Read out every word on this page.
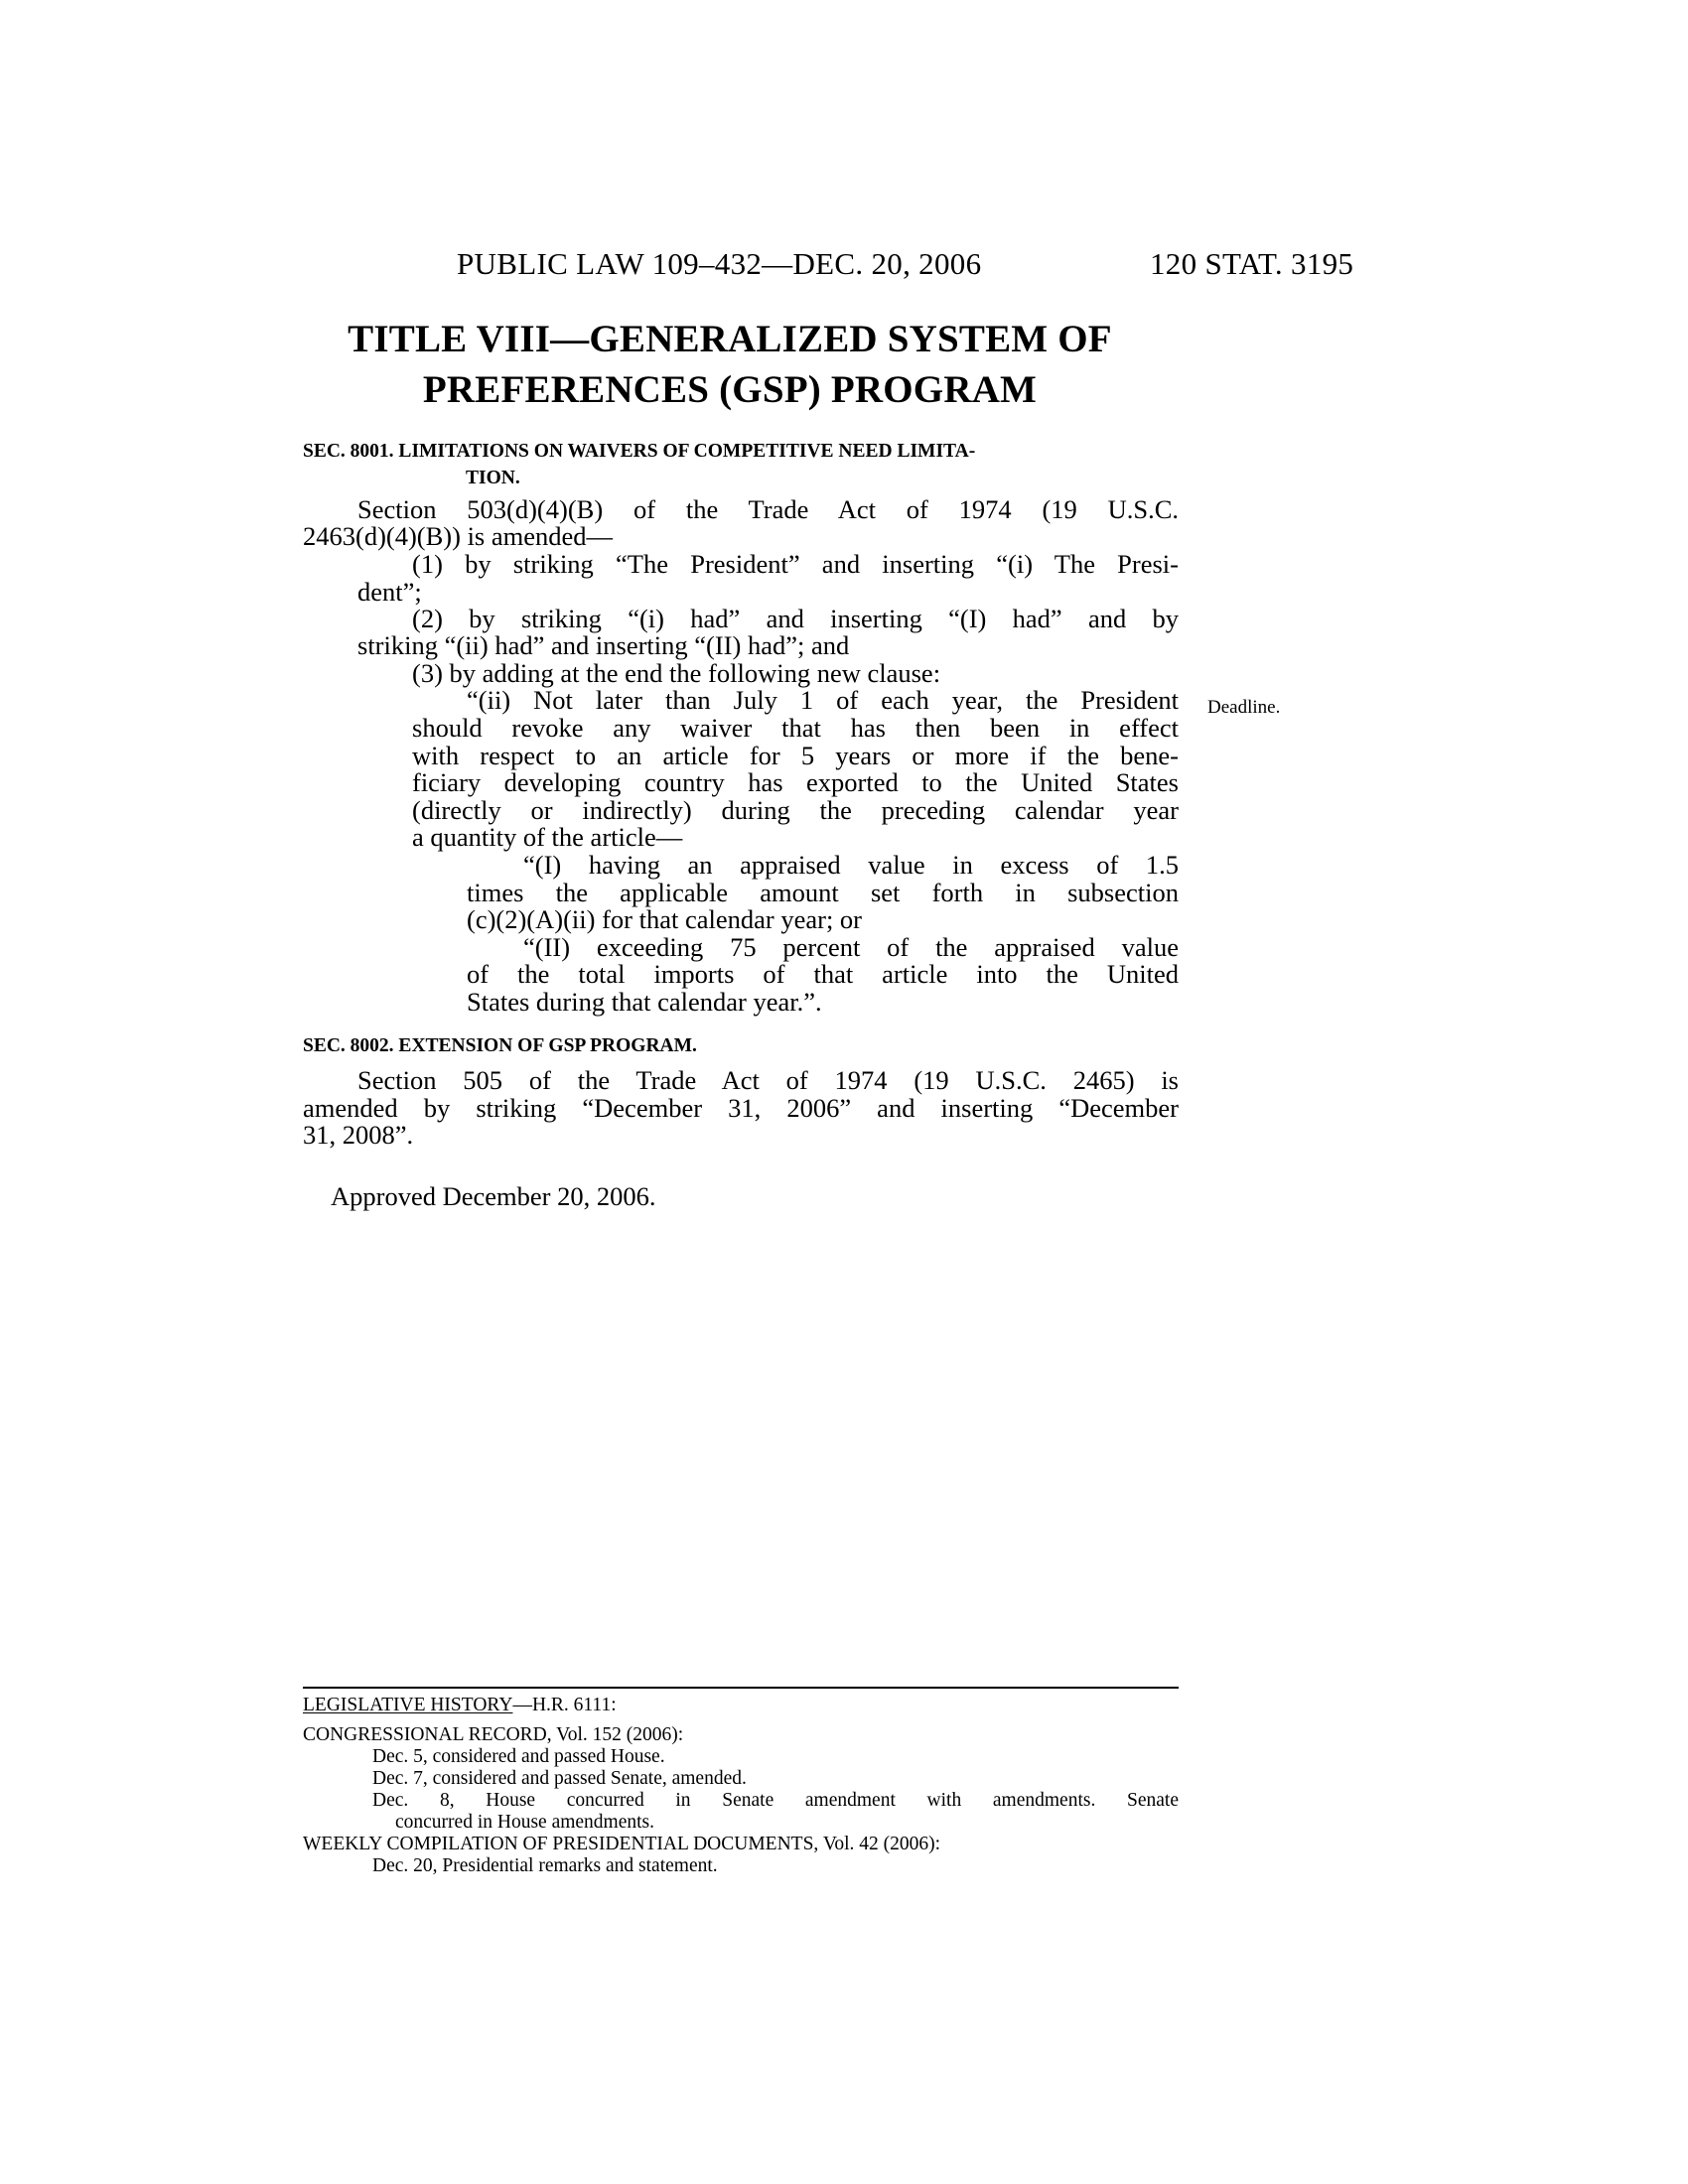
PUBLIC LAW 109–432—DEC. 20, 2006	120 STAT. 3195
TITLE VIII—GENERALIZED SYSTEM OF
PREFERENCES (GSP) PROGRAM
SEC. 8001. LIMITATIONS ON WAIVERS OF COMPETITIVE NEED LIMITA-
TION.
Section 503(d)(4)(B) of the Trade Act of 1974 (19 U.S.C.
2463(d)(4)(B)) is amended—
(1) by striking “The President” and inserting “(i) The Presi-
dent”;
(2) by striking “(i) had” and inserting “(I) had” and by
striking “(ii) had” and inserting “(II) had”; and
(3) by adding at the end the following new clause:
“(ii) Not later than July 1 of each year, the President
should revoke any waiver that has then been in effect
with respect to an article for 5 years or more if the bene-
ficiary developing country has exported to the United States
(directly or indirectly) during the preceding calendar year
a quantity of the article—
“(I) having an appraised value in excess of 1.5
times the applicable amount set forth in subsection
(c)(2)(A)(ii) for that calendar year; or
“(II) exceeding 75 percent of the appraised value
of the total imports of that article into the United
States during that calendar year.”.
Deadline.
SEC. 8002. EXTENSION OF GSP PROGRAM.
Section 505 of the Trade Act of 1974 (19 U.S.C. 2465) is
amended by striking “December 31, 2006” and inserting “December
31, 2008”.
Approved December 20, 2006.
LEGISLATIVE HISTORY—H.R. 6111:
CONGRESSIONAL RECORD, Vol. 152 (2006):
Dec. 5, considered and passed House.
Dec. 7, considered and passed Senate, amended.
Dec. 8, House concurred in Senate amendment with amendments. Senate
concurred in House amendments.
WEEKLY COMPILATION OF PRESIDENTIAL DOCUMENTS, Vol. 42 (2006):
Dec. 20, Presidential remarks and statement.
